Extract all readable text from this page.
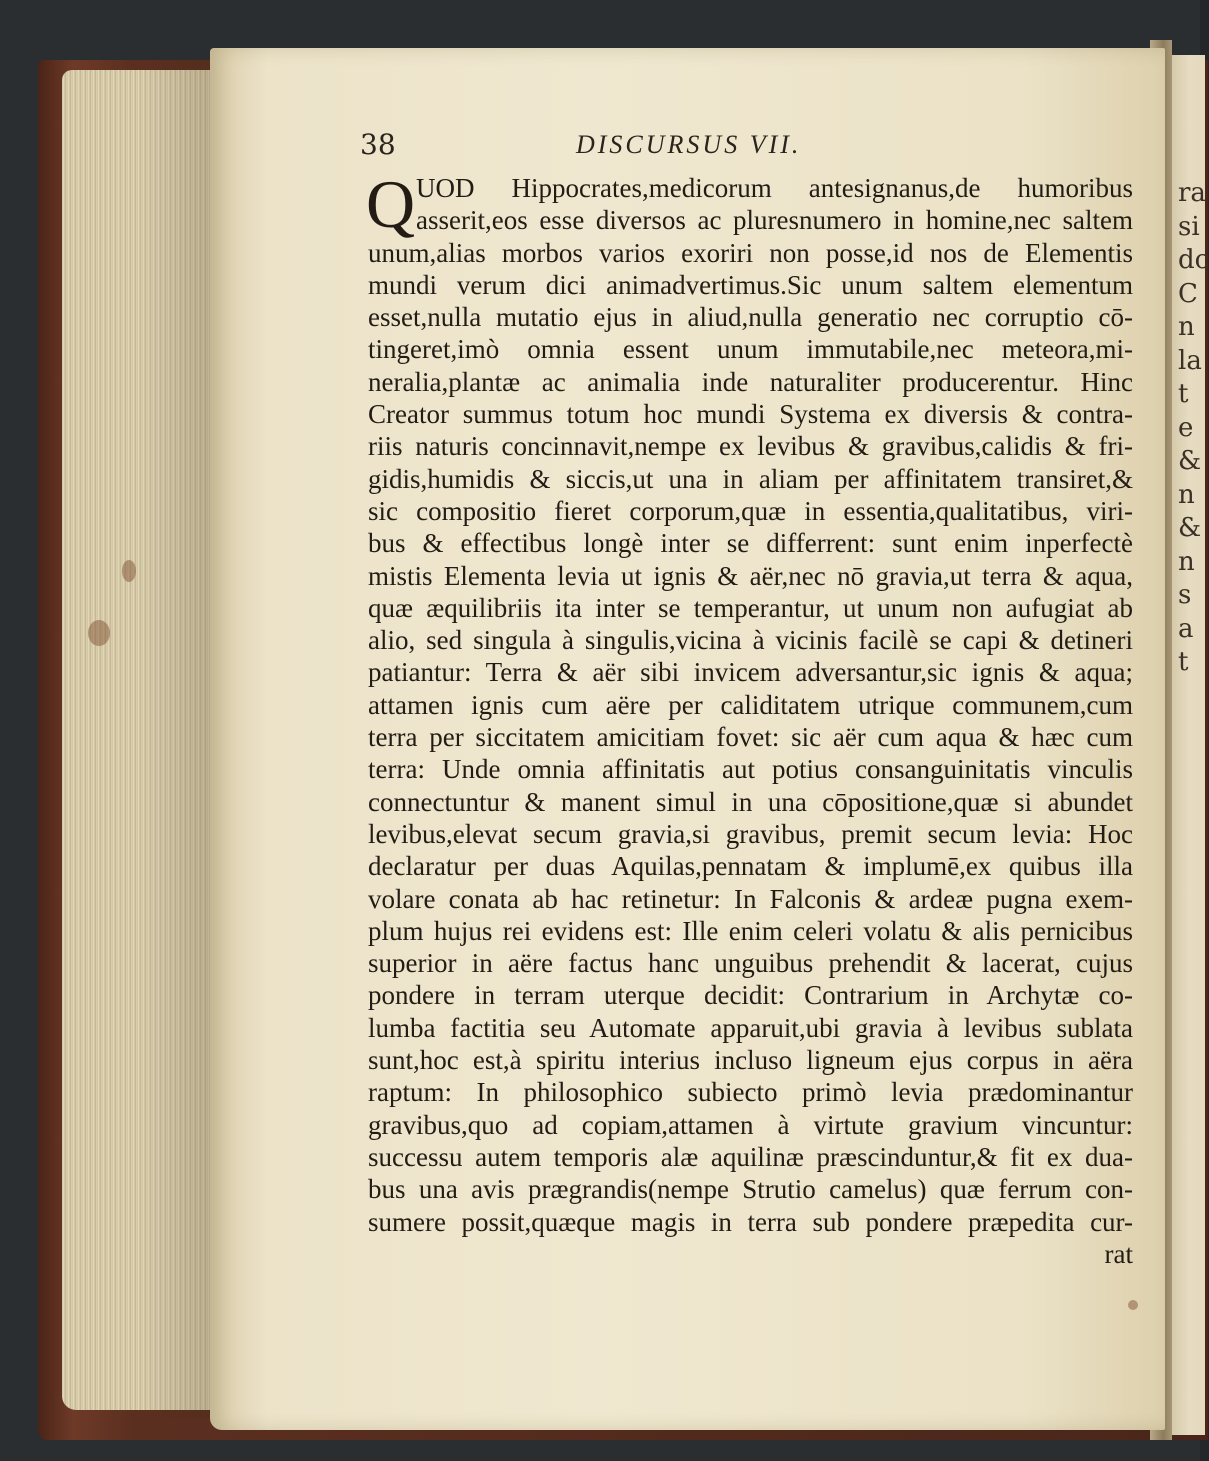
ra
si
dc
C
n
la
t
e
&
n
&
n
s
a
t
38	DISCURSUS VII.
Q UOD Hippocrates,medicorum antesignanus,de humoribus
asserit,eos esse diversos ac pluresnumero in homine,nec saltem
unum,alias morbos varios exoriri non posse,id nos de Elementis
mundi verum dici animadvertimus.Sic unum saltem elementum
esset,nulla mutatio ejus in aliud,nulla generatio nec corruptio cō-
tingeret,imò omnia essent unum immutabile,nec meteora,mi-
neralia,plantæ ac animalia inde naturaliter producerentur. Hinc
Creator summus totum hoc mundi Systema ex diversis & contra-
riis naturis concinnavit,nempe ex levibus & gravibus,calidis & fri-
gidis,humidis & siccis,ut una in aliam per affinitatem transiret,&
sic compositio fieret corporum,quæ in essentia,qualitatibus, viri-
bus & effectibus longè inter se differrent: sunt enim inperfectè
mistis Elementa levia ut ignis & aër,nec nō gravia,ut terra & aqua,
quæ æquilibriis ita inter se temperantur, ut unum non aufugiat ab
alio, sed singula à singulis,vicina à vicinis facilè se capi & detineri
patiantur: Terra & aër sibi invicem adversantur,sic ignis & aqua;
attamen ignis cum aëre per caliditatem utrique communem,cum
terra per siccitatem amicitiam fovet: sic aër cum aqua & hæc cum
terra: Unde omnia affinitatis aut potius consanguinitatis vinculis
connectuntur & manent simul in una cōpositione,quæ si abundet
levibus,elevat secum gravia,si gravibus, premit secum levia: Hoc
declaratur per duas Aquilas,pennatam & implumē,ex quibus illa
volare conata ab hac retinetur: In Falconis & ardeæ pugna exem-
plum hujus rei evidens est: Ille enim celeri volatu & alis pernicibus
superior in aëre factus hanc unguibus prehendit & lacerat, cujus
pondere in terram uterque decidit: Contrarium in Archytæ co-
lumba factitia seu Automate apparuit,ubi gravia à levibus sublata
sunt,hoc est,à spiritu interius incluso ligneum ejus corpus in aëra
raptum: In philosophico subiecto primò levia prædominantur
gravibus,quo ad copiam,attamen à virtute gravium vincuntur:
successu autem temporis alæ aquilinæ præscinduntur,& fit ex dua-
bus una avis prægrandis(nempe Strutio camelus) quæ ferrum con-
sumere possit,quæque magis in terra sub pondere præpedita cur-
rat
